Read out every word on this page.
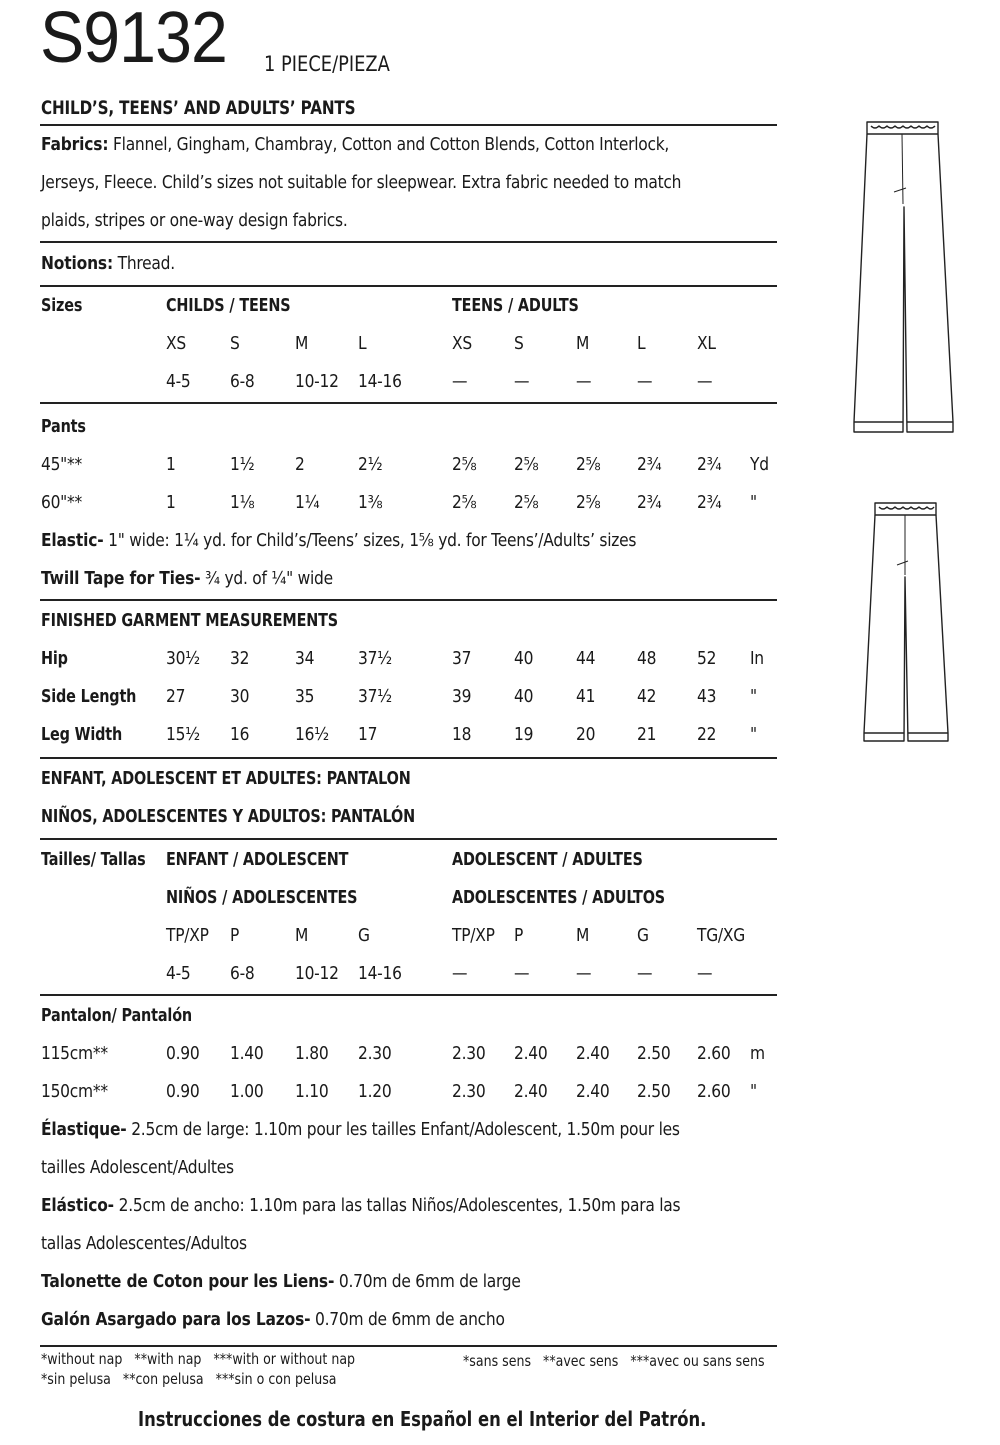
S9132 1 PIECE/PIEZA
CHILD’S, TEENS’ AND ADULTS’ PANTS
Fabrics: Flannel, Gingham, Chambray, Cotton and Cotton Blends, Cotton Interlock,
Jerseys, Fleece. Child’s sizes not suitable for sleepwear. Extra fabric needed to match
plaids, stripes or one-way design fabrics.
Notions: Thread.
Sizes	CHILDS / TEENS	TEENS / ADULTS
XS S	M	L	XS S	M	L	XL
4-5 6-8 10-12 14-16	—	—	—	— —
Pants
45"**	1	1½ 2	2½	2⅝ 2⅝ 2⅝ 2¾ 2¾ Yd
60"**	1	1⅛ 1¼ 1⅜	2⅝ 2⅝ 2⅝ 2¾ 2¾ "
Elastic- 1" wide: 1¼ yd. for Child’s/Teens’ sizes, 1⅝ yd. for Teens’/Adults’ sizes
Twill Tape for Ties- ¾ yd. of ¼" wide
FINISHED GARMENT MEASUREMENTS
Hip	30½ 32	34 37½	37 40 44 48 52 In
Side Length 27 30	35 37½	39 40 41 42 43 "
Leg Width 15½ 16	16½ 17	18 19 20 21 22 "
ENFANT, ADOLESCENT ET ADULTES: PANTALON
NIÑOS, ADOLESCENTES Y ADULTOS: PANTALÓN
Tailles/ Tallas ENFANT / ADOLESCENT	ADOLESCENT / ADULTES
NIÑOS / ADOLESCENTES	ADOLESCENTES / ADULTOS
TP/XP P	M	G	TP/XP P	M	G	TG/XG
4-5 6-8 10-12 14-16	—	—	—	— —
Pantalon/ Pantalón
115cm**	0.90 1.40 1.80 2.30	2.30 2.40 2.40 2.50 2.60 m
150cm**	0.90 1.00 1.10 1.20	2.30 2.40 2.40 2.50 2.60 "
Élastique- 2.5cm de large: 1.10m pour les tailles Enfant/Adolescent, 1.50m pour les
tailles Adolescent/Adultes
Elástico- 2.5cm de ancho: 1.10m para las tallas Niños/Adolescentes, 1.50m para las
tallas Adolescentes/Adultos
Talonette de Coton pour les Liens- 0.70m de 6mm de large
Galón Asargado para los Lazos- 0.70m de 6mm de ancho
*without nap   **with nap   ***with or without nap
*sin pelusa   **con pelusa   ***sin o con pelusa
*sans sens   **avec sens   ***avec ou sans sens
Instrucciones de costura en Español en el Interior del Patrón.
